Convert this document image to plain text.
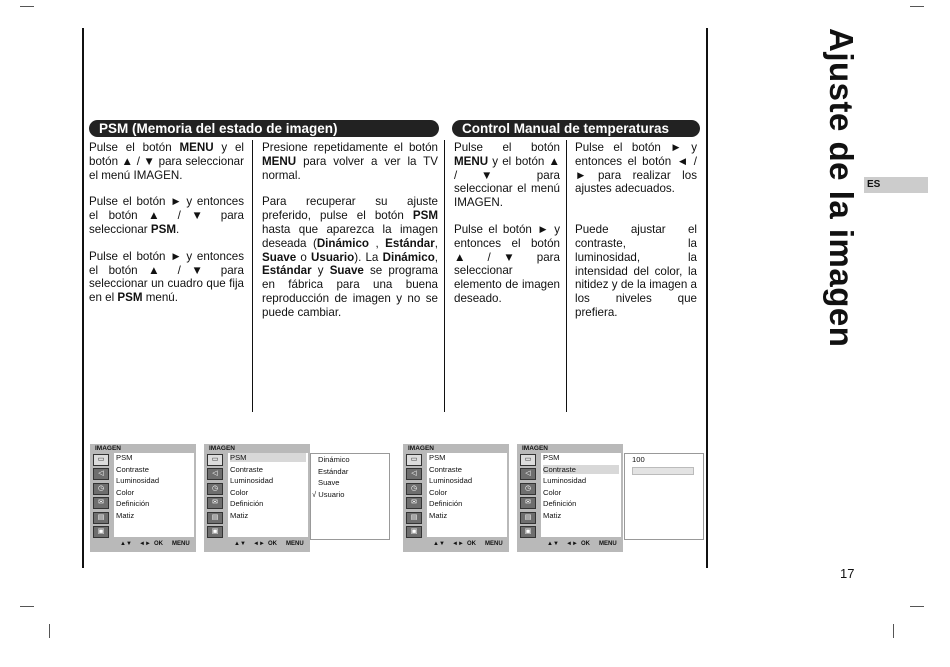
PSM (Memoria del estado de imagen)	Control Manual de temperaturas

Pulse el botón MENU y el botón ▲ / ▼ para seleccionar el menú IMAGEN.

Pulse el botón ► y entonces el botón ▲ / ▼ para seleccionar PSM.

Pulse el botón ► y entonces el botón ▲ / ▼ para seleccionar un cuadro que fija en el PSM menú.

Presione repetidamente el botón MENU para volver a ver la TV normal.

Para recuperar su ajuste preferido, pulse el botón PSM hasta que aparezca la imagen deseada (Dinámico , Estándar, Suave o Usuario). La Dinámico, Estándar y Suave se programa en fábrica para una buena reproducción de imagen y no se puede cambiar.

Pulse el botón MENU y el botón ▲ / ▼ para seleccionar el menú IMAGEN.

Pulse el botón ► y entonces el botón ▲ / ▼ para seleccionar elemento de imagen deseado.

Pulse el botón ► y entonces el botón ◄ / ► para realizar los ajustes adecuados.

Puede ajustar el contraste, la luminosidad, la intensidad del color, la nitidez y de la imagen a los niveles que prefiera.	Ajuste de la imagen ES
17
IMAGEN
▭
◁
◷
✉
▤
▣
PSM
Contraste
Luminosidad
Color
Definición
Matiz
▲▼ ◄► OK MENU
IMAGEN
▭
◁
◷
✉
▤
▣
PSM
Contraste
Luminosidad
Color
Definición
Matiz
▲▼ ◄► OK MENU
Dinámico
Estándar
Suave
√ Usuario
IMAGEN
▭
◁
◷
✉
▤
▣
PSM
Contraste
Luminosidad
Color
Definición
Matiz
▲▼ ◄► OK MENU
IMAGEN
▭
◁
◷
✉
▤
▣
PSM
Contraste
Luminosidad
Color
Definición
Matiz
▲▼ ◄► OK MENU
100
